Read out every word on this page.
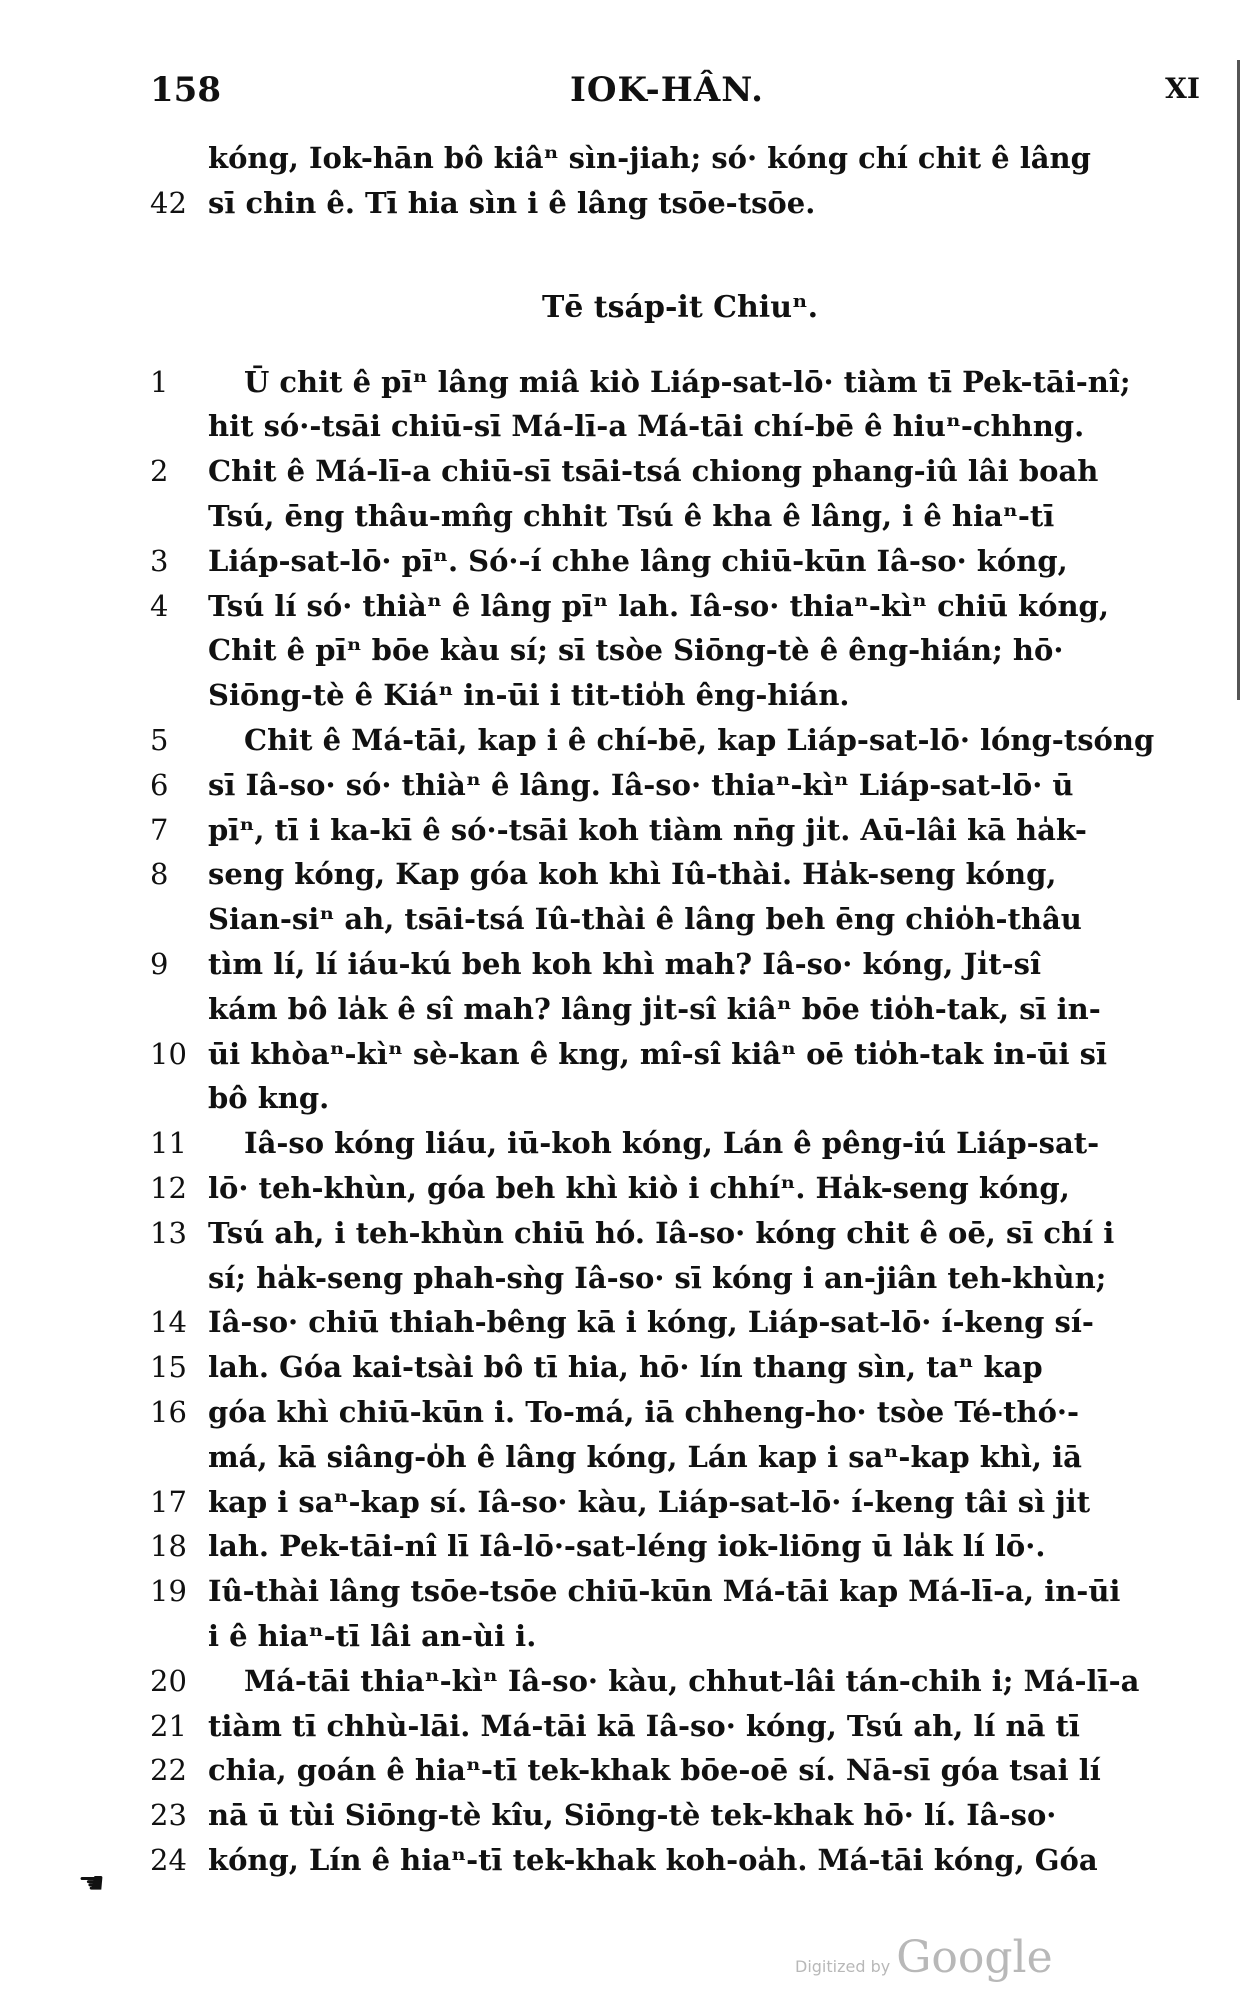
158	IOK-HÂN.	XI
kóng, Iok-hān bô kiâⁿ sìn-jiah; só· kóng chí chit ê lâng
42 sī chin ê. Tī hia sìn i ê lâng tsōe-tsōe.
Tē tsáp-it Chiuⁿ.
1	Ū chit ê pīⁿ lâng miâ kiò Liáp-sat-lō· tiàm tī Pek-tāi-nî;
hit só·-tsāi chiū-sī Má-lī-a Má-tāi chí-bē ê hiuⁿ-chhng.
2	Chit ê Má-lī-a chiū-sī tsāi-tsá chiong phang-iû lâi boah
Tsú, ēng thâu-mn̂g chhit Tsú ê kha ê lâng, i ê hiaⁿ-tī
3	Liáp-sat-lō· pīⁿ. Só·-í chhe lâng chiū-kūn Iâ-so· kóng,
4	Tsú lí só· thiàⁿ ê lâng pīⁿ lah. Iâ-so· thiaⁿ-kìⁿ chiū kóng,
Chit ê pīⁿ bōe kàu sí; sī tsòe Siōng-tè ê êng-hián; hō·
Siōng-tè ê Kiáⁿ in-ūi i tit-tio̍h êng-hián.
5	Chit ê Má-tāi, kap i ê chí-bē, kap Liáp-sat-lō· lóng-tsóng
6	sī Iâ-so· só· thiàⁿ ê lâng. Iâ-so· thiaⁿ-kìⁿ Liáp-sat-lō· ū
7	pīⁿ, tī i ka-kī ê só·-tsāi koh tiàm nn̄g jı̍t. Aū-lâi kā ha̍k-
8	seng kóng, Kap góa koh khì Iû-thài. Ha̍k-seng kóng,
Sian-siⁿ ah, tsāi-tsá Iû-thài ê lâng beh ēng chio̍h-thâu
9	tìm lí, lí iáu-kú beh koh khì mah? Iâ-so· kóng, Jı̍t-sî
kám bô la̍k ê sî mah? lâng jı̍t-sî kiâⁿ bōe tio̍h-tak, sī in-
10 ūi khòaⁿ-kìⁿ sè-kan ê kng, mî-sî kiâⁿ oē tio̍h-tak in-ūi sī
bô kng.
11	Iâ-so kóng liáu, iū-koh kóng, Lán ê pêng-iú Liáp-sat-
12 lō· teh-khùn, góa beh khì kiò i chhíⁿ. Ha̍k-seng kóng,
13 Tsú ah, i teh-khùn chiū hó. Iâ-so· kóng chit ê oē, sī chí i
sí; ha̍k-seng phah-sǹg Iâ-so· sī kóng i an-jiân teh-khùn;
14 Iâ-so· chiū thiah-bêng kā i kóng, Liáp-sat-lō· í-keng sí-
15 lah. Góa kai-tsài bô tī hia, hō· lín thang sìn, taⁿ kap
16 góa khì chiū-kūn i. To-má, iā chheng-ho· tsòe Té-thó·-
má, kā siâng-o̍h ê lâng kóng, Lán kap i saⁿ-kap khì, iā
17 kap i saⁿ-kap sí. Iâ-so· kàu, Liáp-sat-lō· í-keng tâi sì jı̍t
18 lah. Pek-tāi-nî lī Iâ-lō·-sat-léng iok-liōng ū la̍k lí lō·.
19 Iû-thài lâng tsōe-tsōe chiū-kūn Má-tāi kap Má-lī-a, in-ūi
i ê hiaⁿ-tī lâi an-ùi i.
20	Má-tāi thiaⁿ-kìⁿ Iâ-so· kàu, chhut-lâi tán-chih i; Má-lī-a
21 tiàm tī chhù-lāi. Má-tāi kā Iâ-so· kóng, Tsú ah, lí nā tī
22 chia, goán ê hiaⁿ-tī tek-khak bōe-oē sí. Nā-sī góa tsai lí
23 nā ū tùi Siōng-tè kîu, Siōng-tè tek-khak hō· lí. Iâ-so·
24 kóng, Lín ê hiaⁿ-tī tek-khak koh-oa̍h. Má-tāi kóng, Góa
☚
Digitized by Google
